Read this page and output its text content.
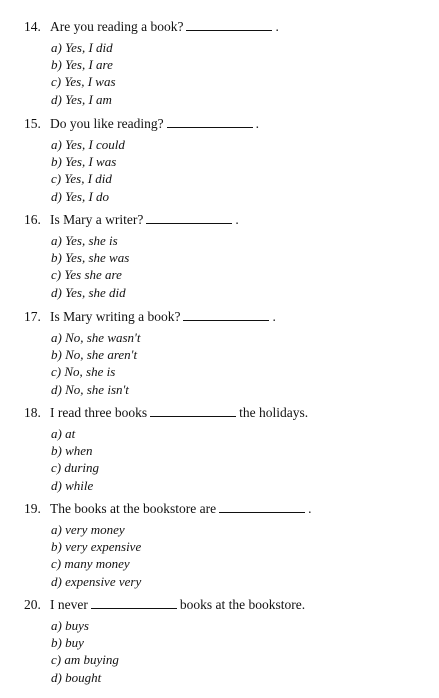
14. Are you reading a book?	.
a) Yes, I did
b) Yes, I are
c) Yes, I was
d) Yes, I am
15. Do you like reading?	.
a) Yes, I could
b) Yes, I was
c) Yes, I did
d) Yes, I do
16. Is Mary a writer?	.
a) Yes, she is
b) Yes, she was
c) Yes she are
d) Yes, she did
17. Is Mary writing a book?	.
a) No, she wasn't
b) No, she aren't
c) No, she is
d) No, she isn't
18. I read three books	the holidays.
a) at
b) when
c) during
d) while
19. The books at the bookstore are	.
a) very money
b) very expensive
c) many money
d) expensive very
20. I never	books at the bookstore.
a) buys
b) buy
c) am buying
d) bought
